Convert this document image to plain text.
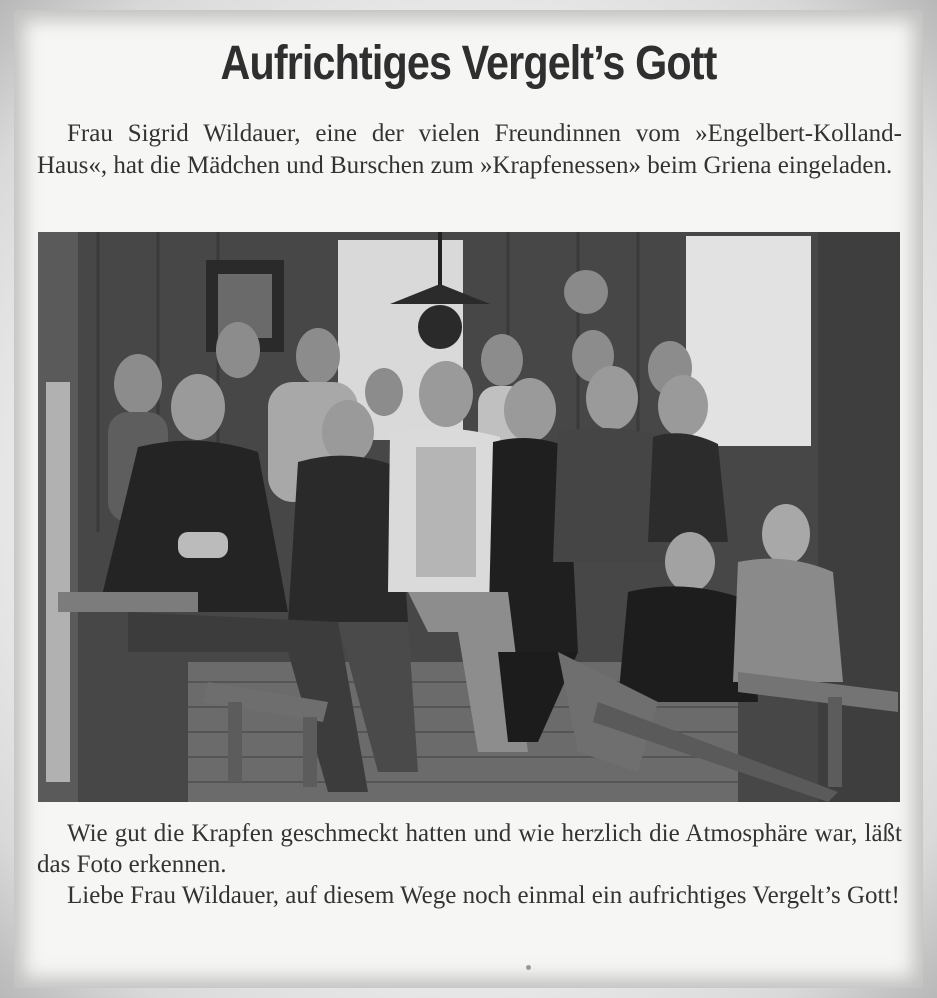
Aufrichtiges Vergelt’s Gott
Frau Sigrid Wildauer, eine der vielen Freundinnen vom »Engelbert-Kolland-Haus«, hat die Mädchen und Burschen zum »Krapfenessen» beim Griena eingeladen.

Wie gut die Krapfen geschmeckt hatten und wie herzlich die Atmosphäre war, läßt das Foto erkennen.

Liebe Frau Wildauer, auf diesem Wege noch einmal ein aufrichtiges Vergelt’s Gott!
